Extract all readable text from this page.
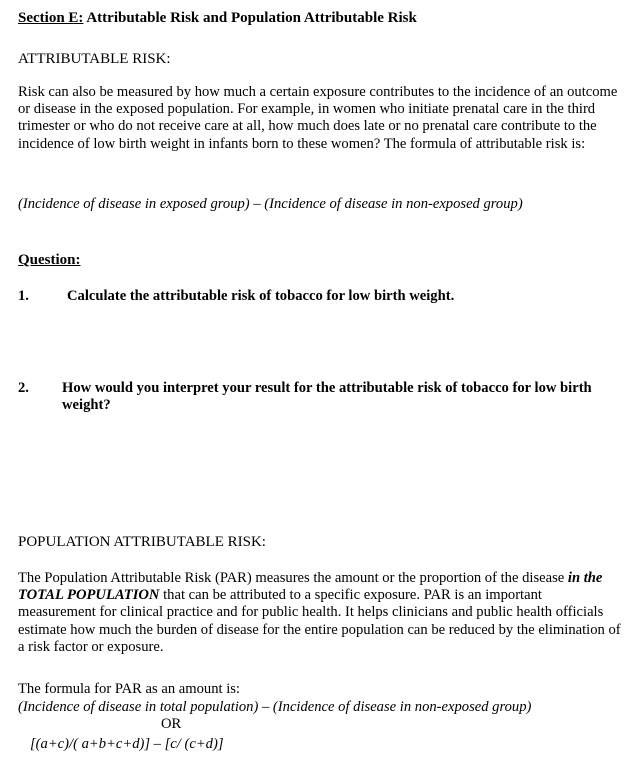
Section E: Attributable Risk and Population Attributable Risk
ATTRIBUTABLE RISK:
Risk can also be measured by how much a certain exposure contributes to the incidence of an outcome or disease in the exposed population. For example, in women who initiate prenatal care in the third trimester or who do not receive care at all, how much does late or no prenatal care contribute to the incidence of low birth weight in infants born to these women? The formula of attributable risk is:
(Incidence of disease in exposed group) – (Incidence of disease in non-exposed group)
Question:
1.	Calculate the attributable risk of tobacco for low birth weight.
2. How would you interpret your result for the attributable risk of tobacco for low birth weight?
POPULATION ATTRIBUTABLE RISK:
The Population Attributable Risk (PAR) measures the amount or the proportion of the disease in the TOTAL POPULATION that can be attributed to a specific exposure. PAR is an important measurement for clinical practice and for public health. It helps clinicians and public health officials estimate how much the burden of disease for the entire population can be reduced by the elimination of a risk factor or exposure.
The formula for PAR as an amount is:
(Incidence of disease in total population) – (Incidence of disease in non-exposed group)
OR
[(a+c)/( a+b+c+d)] – [c/ (c+d)]
